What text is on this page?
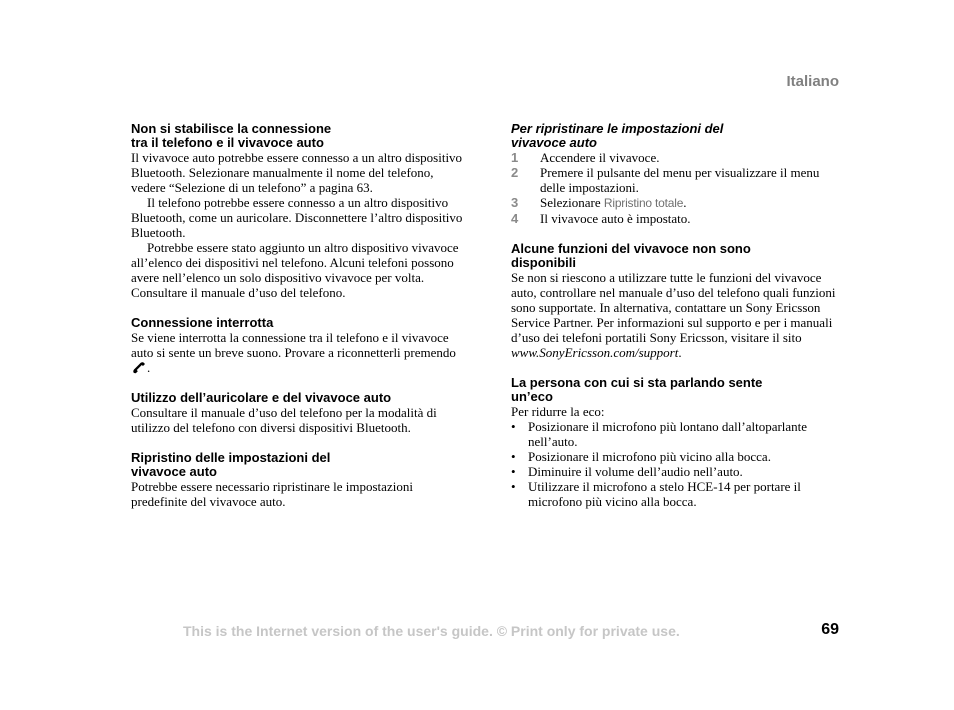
Italiano
Non si stabilisce la connessione
tra il telefono e il vivavoce auto

Il vivavoce auto potrebbe essere connesso a un altro dispositivo Bluetooth. Selezionare manualmente il nome del telefono, vedere “Selezione di un telefono” a pagina 63.

Il telefono potrebbe essere connesso a un altro dispositivo Bluetooth, come un auricolare. Disconnettere l’altro dispositivo Bluetooth.

Potrebbe essere stato aggiunto un altro dispositivo vivavoce all’elenco dei dispositivi nel telefono. Alcuni telefoni possono avere nell’elenco un solo dispositivo vivavoce per volta. Consultare il manuale d’uso del telefono.

Connessione interrotta

Se viene interrotta la connessione tra il telefono e il vivavoce auto si sente un breve suono. Provare a riconnetterli premendo .

Utilizzo dell’auricolare e del vivavoce auto

Consultare il manuale d’uso del telefono per la modalità di utilizzo del telefono con diversi dispositivi Bluetooth.

Ripristino delle impostazioni del
vivavoce auto

Potrebbe essere necessario ripristinare le impostazioni predefinite del vivavoce auto.

Per ripristinare le impostazioni del
vivavoce auto
1 Accendere il vivavoce.
2 Premere il pulsante del menu per visualizzare il menu delle impostazioni.
3 Selezionare Ripristino totale.
4 Il vivavoce auto è impostato.
Alcune funzioni del vivavoce non sono
disponibili

Se non si riescono a utilizzare tutte le funzioni del vivavoce auto, controllare nel manuale d’uso del telefono quali funzioni sono supportate. In alternativa, contattare un Sony Ericsson Service Partner. Per informazioni sul supporto e per i manuali d’uso dei telefoni portatili Sony Ericsson, visitare il sito www.SonyEricsson.com/support.

La persona con cui si sta parlando sente
un’eco

Per ridurre la eco:

• Posizionare il microfono più lontano dall’altoparlante nell’auto.
• Posizionare il microfono più vicino alla bocca.
• Diminuire il volume dell’audio nell’auto.
• Utilizzare il microfono a stelo HCE-14 per portare il microfono più vicino alla bocca.
This is the Internet version of the user's guide. © Print only for private use.	69
